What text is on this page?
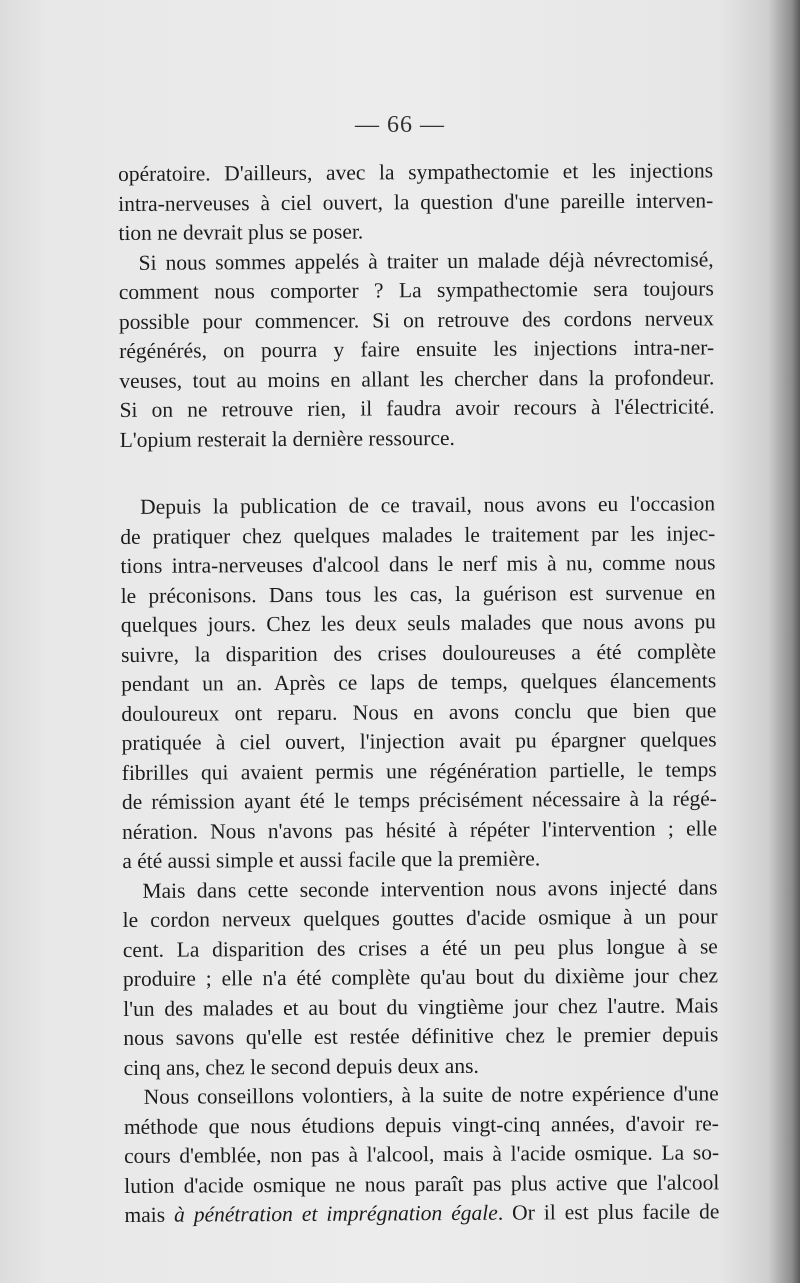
— 66 —
opératoire. D'ailleurs, avec la sympathectomie et les injections
intra-nerveuses à ciel ouvert, la question d'une pareille interven-
tion ne devrait plus se poser.
Si nous sommes appelés à traiter un malade déjà névrectomisé,
comment nous comporter ? La sympathectomie sera toujours
possible pour commencer. Si on retrouve des cordons nerveux
régénérés, on pourra y faire ensuite les injections intra-ner-
veuses, tout au moins en allant les chercher dans la profondeur.
Si on ne retrouve rien, il faudra avoir recours à l'électricité.
L'opium resterait la dernière ressource.
Depuis la publication de ce travail, nous avons eu l'occasion
de pratiquer chez quelques malades le traitement par les injec-
tions intra-nerveuses d'alcool dans le nerf mis à nu, comme nous
le préconisons. Dans tous les cas, la guérison est survenue en
quelques jours. Chez les deux seuls malades que nous avons pu
suivre, la disparition des crises douloureuses a été complète
pendant un an. Après ce laps de temps, quelques élancements
douloureux ont reparu. Nous en avons conclu que bien que
pratiquée à ciel ouvert, l'injection avait pu épargner quelques
fibrilles qui avaient permis une régénération partielle, le temps
de rémission ayant été le temps précisément nécessaire à la régé-
nération. Nous n'avons pas hésité à répéter l'intervention ; elle
a été aussi simple et aussi facile que la première.
Mais dans cette seconde intervention nous avons injecté dans
le cordon nerveux quelques gouttes d'acide osmique à un pour
cent. La disparition des crises a été un peu plus longue à se
produire ; elle n'a été complète qu'au bout du dixième jour chez
l'un des malades et au bout du vingtième jour chez l'autre. Mais
nous savons qu'elle est restée définitive chez le premier depuis
cinq ans, chez le second depuis deux ans.
Nous conseillons volontiers, à la suite de notre expérience d'une
méthode que nous étudions depuis vingt-cinq années, d'avoir re-
cours d'emblée, non pas à l'alcool, mais à l'acide osmique. La so-
lution d'acide osmique ne nous paraît pas plus active que l'alcool
mais à pénétration et imprégnation égale. Or il est plus facile de
